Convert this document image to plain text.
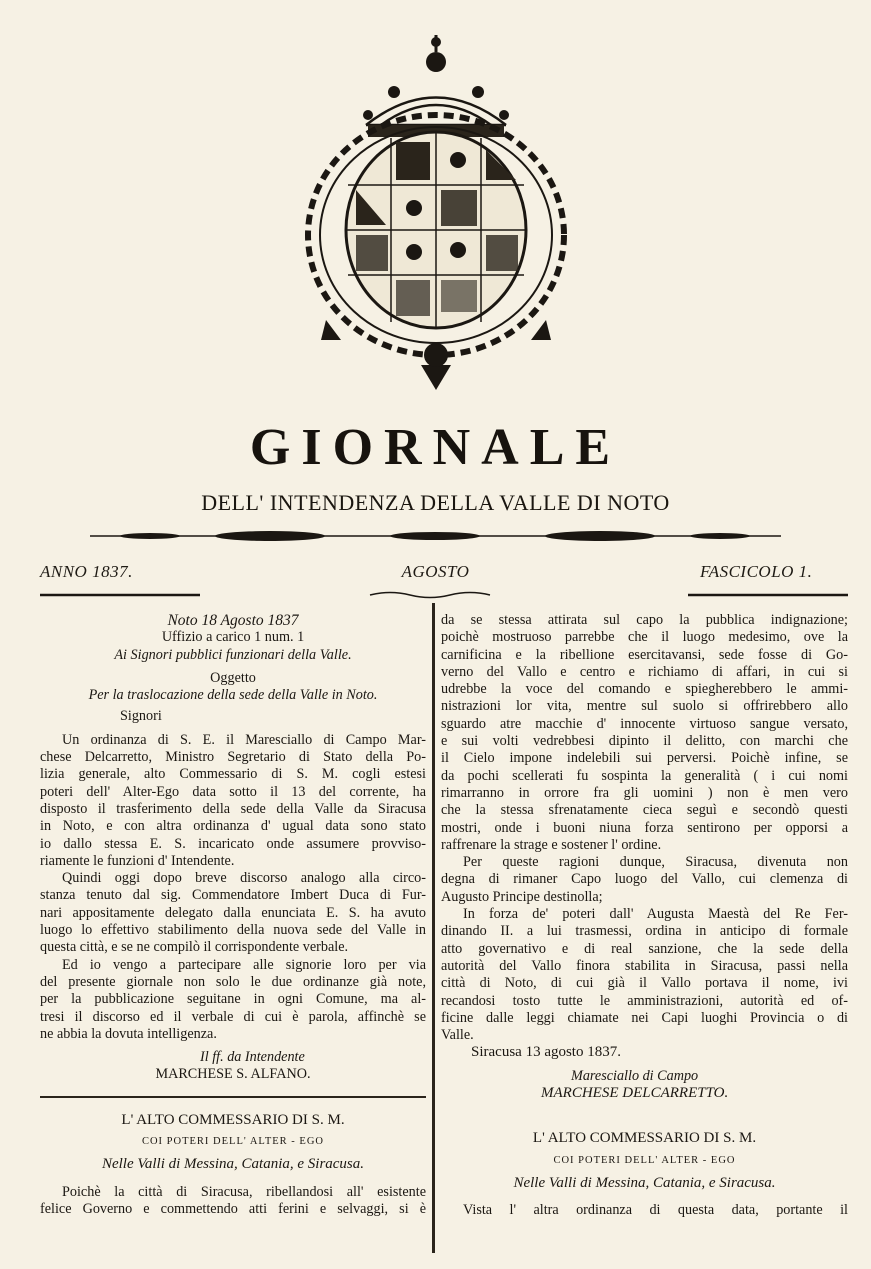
GIORNALE
DELL' INTENDENZA DELLA VALLE DI NOTO
ANNO 1837.	AGOSTO	FASCICOLO 1.

Noto 18 Agosto 1837

Uffizio a carico 1 num. 1

Ai Signori pubblici funzionari della Valle.

Oggetto

Per la traslocazione della sede della Valle in Noto.

Signori

Un ordinanza di S. E. il Maresciallo di Campo Mar-

chese Delcarretto, Ministro Segretario di Stato della Po-

lizia generale, alto Commessario di S. M. cogli estesi

poteri dell' Alter-Ego data sotto il 13 del corrente, ha

disposto il trasferimento della sede della Valle da Siracusa

in Noto, e con altra ordinanza d' ugual data sono stato

io dallo stessa E. S. incaricato onde assumere provviso-

riamente le funzioni d' Intendente.

Quindi oggi dopo breve discorso analogo alla circo-

stanza tenuto dal sig. Commendatore Imbert Duca di Fur-

nari appositamente delegato dalla enunciata E. S. ha avuto

luogo lo effettivo stabilimento della nuova sede del Valle in

questa città, e se ne compilò il corrispondente verbale.

Ed io vengo a partecipare alle signorie loro per via

del presente giornale non solo le due ordinanze già note,

per la pubblicazione seguitane in ogni Comune, ma al-

tresi il discorso ed il verbale di cui è parola, affinchè se

ne abbia la dovuta intelligenza.

Il ff. da Intendente

MARCHESE S. ALFANO.

L' ALTO COMMESSARIO DI S. M.

COI POTERI DELL' ALTER - EGO

Nelle Valli di Messina, Catania, e Siracusa.

Poichè la città di Siracusa, ribellandosi all' esistente

felice Governo e commettendo atti ferini e selvaggi, si è

da se stessa attirata sul capo la pubblica indignazione;

poichè mostruoso parrebbe che il luogo medesimo, ove la

carnificina e la ribellione esercitavansi, sede fosse di Go-

verno del Vallo e centro e richiamo di affari, in cui si

udrebbe la voce del comando e spiegherebbero le ammi-

nistrazioni lor vita, mentre sul suolo si offrirebbero allo

sguardo atre macchie d' innocente virtuoso sangue versato,

e sui volti vedrebbesi dipinto il delitto, con marchi che

il Cielo impone indelebili sui perversi. Poichè infine, se

da pochi scellerati fu sospinta la generalità ( i cui nomi

rimarranno in orrore fra gli uomini ) non è men vero

che la stessa sfrenatamente cieca seguì e secondò questi

mostri, onde i buoni niuna forza sentirono per opporsi a

raffrenare la strage e sostener l' ordine.

Per queste ragioni dunque, Siracusa, divenuta non

degna di rimaner Capo luogo del Vallo, cui clemenza di

Augusto Principe destinolla;

In forza de' poteri dall' Augusta Maestà del Re Fer-

dinando II. a lui trasmessi, ordina in anticipo di formale

atto governativo e di real sanzione, che la sede della

autorità del Vallo finora stabilita in Siracusa, passi nella

città di Noto, di cui già il Vallo portava il nome, ivi

recandosi tosto tutte le amministrazioni, autorità ed of-

ficine dalle leggi chiamate nei Capi luoghi Provincia o di

Valle.

Siracusa 13 agosto 1837.

Maresciallo di Campo

MARCHESE DELCARRETTO.

L' ALTO COMMESSARIO DI S. M.

COI POTERI DELL' ALTER - EGO

Nelle Valli di Messina, Catania, e Siracusa.

Vista l' altra ordinanza di questa data, portante il
